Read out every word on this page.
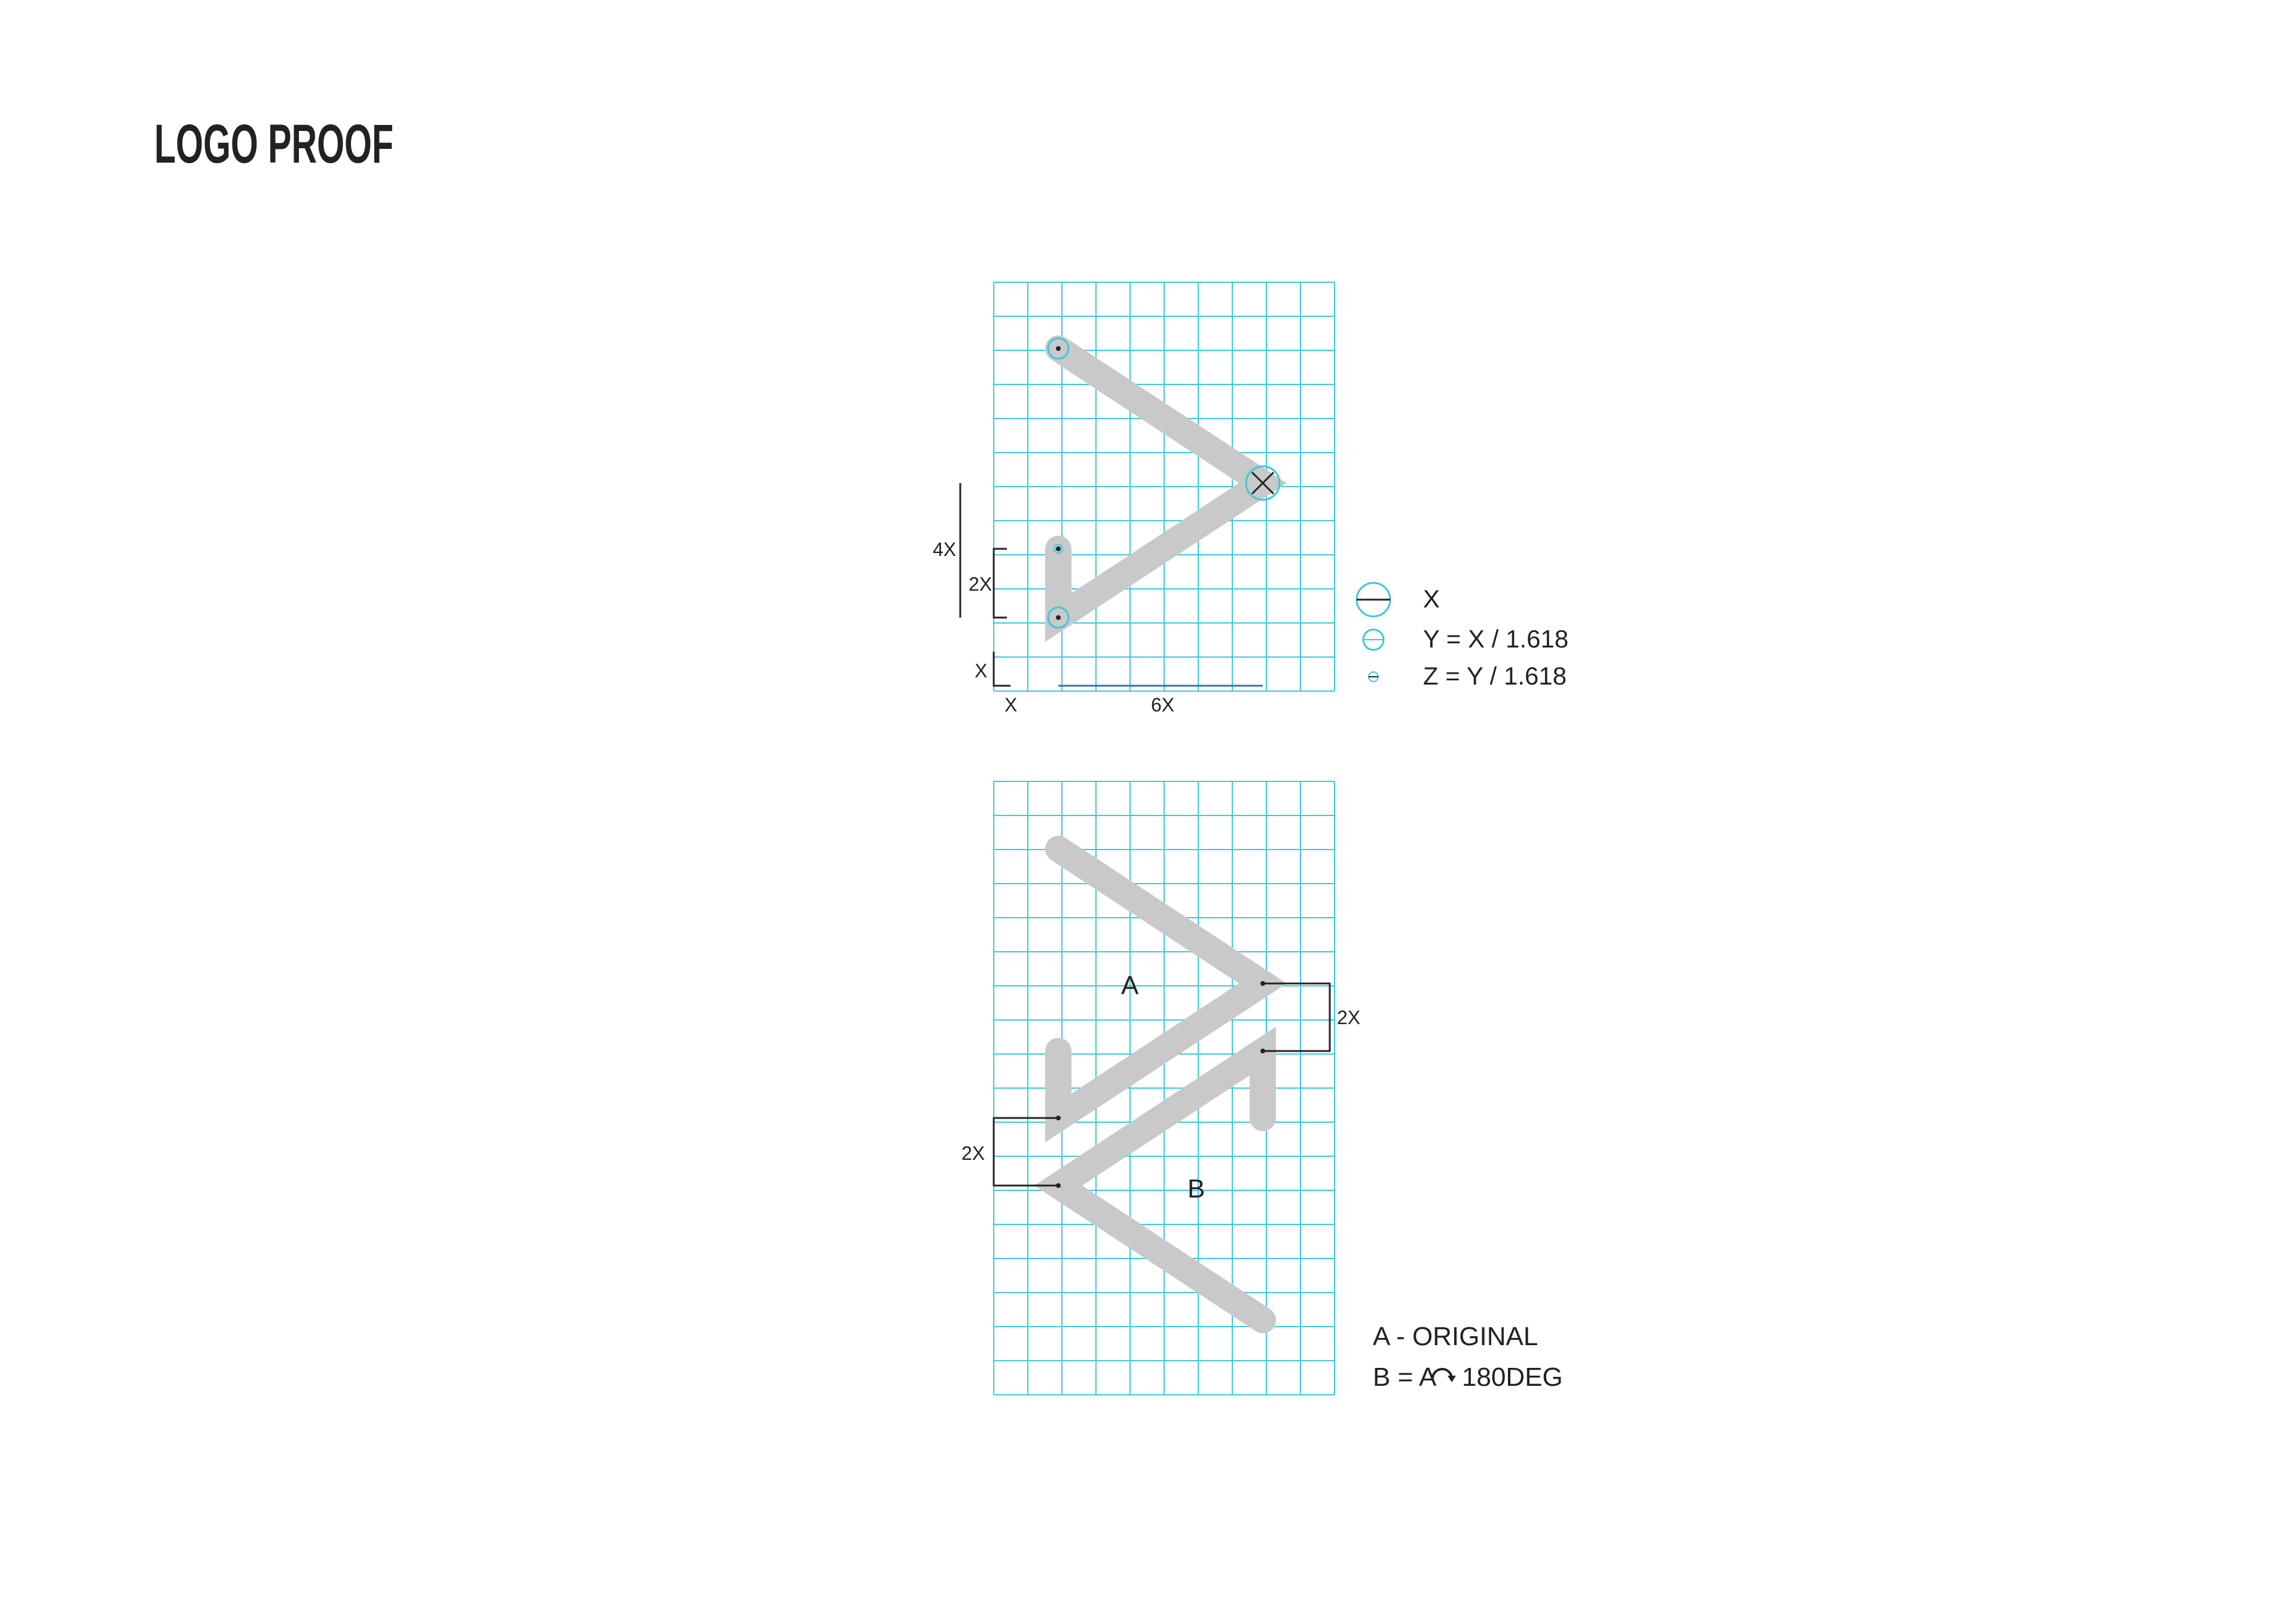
LOGO PROOF
4X
2X
X
X	6X
X
Y = X / 1.618
Z = Y / 1.618
A
B
2X
2X
A - ORIGINAL
B = A 180DEG
